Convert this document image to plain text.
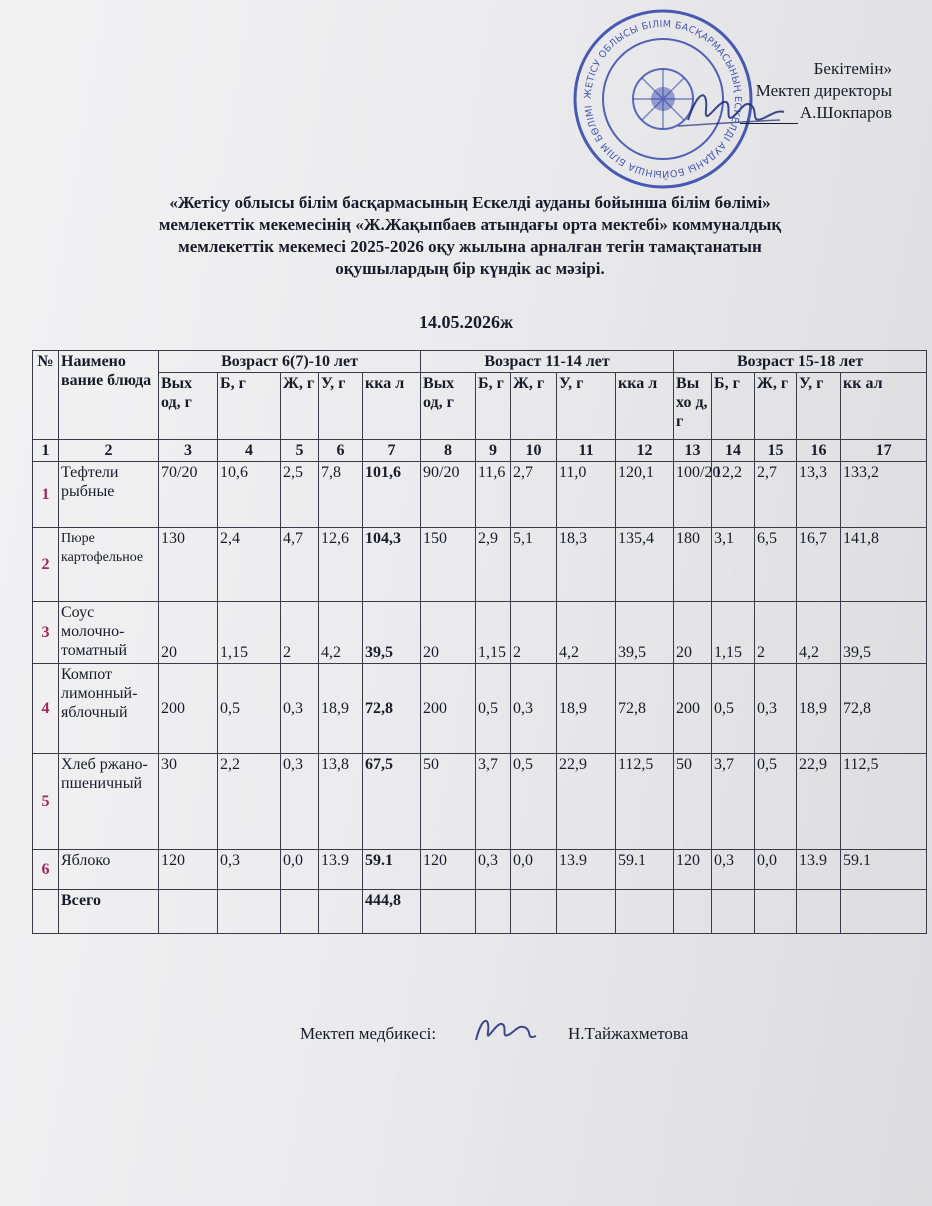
ЖЕТІСУ ОБЛЫСЫ БІЛІМ БАСҚАРМАСЫНЫҢ ЕСКЕЛДІ АУДАНЫ БОЙЫНША БІЛІМ БӨЛІМІ
Бекітемін»
Мектеп директоры
А.Шокпаров
«Жетісу облысы білім басқармасының Ескелді ауданы бойынша білім бөлімі»
мемлекеттік мекемесінің «Ж.Жақыпбаев атындағы орта мектебі» коммуналдық
мемлекеттік мекемесі 2025-2026 оқу жылына арналған тегін тамақтанатын
оқушылардың бір күндік ас мәзірі.
14.05.2026ж
№	Наимено вание блюда	Возраст 6(7)-10 лет					Возраст 11-14 лет					Возраст 15-18 лет				
		Вых од, г	Б, г	Ж, г	У, г	кка л	Вых од, г	Б, г	Ж, г	У, г	кка л	Вы хо д, г	Б, г	Ж, г	У, г	кк ал
1	2	3	4	5	6	7	8	9	10	11	12	13	14	15	16	17
1	Тефтели рыбные	70/20	10,6	2,5	7,8	101,6	90/20	11,6	2,7	11,0	120,1	100/20	12,2	2,7	13,3	133,2
2	Пюре картофельное	130	2,4	4,7	12,6	104,3	150	2,9	5,1	18,3	135,4	180	3,1	6,5	16,7	141,8
3	Соус молочно-томатный	20	1,15	2	4,2	39,5	20	1,15	2	4,2	39,5	20	1,15	2	4,2	39,5
4	Компот лимонный-яблочный	200	0,5	0,3	18,9	72,8	200	0,5	0,3	18,9	72,8	200	0,5	0,3	18,9	72,8
5	Хлеб ржано-пшеничный	30	2,2	0,3	13,8	67,5	50	3,7	0,5	22,9	112,5	50	3,7	0,5	22,9	112,5
6	Яблоко	120	0,3	0,0	13.9	59.1	120	0,3	0,0	13.9	59.1	120	0,3	0,0	13.9	59.1
	Всего					444,8										
Мектеп медбикесі:	Н.Тайжахметова
